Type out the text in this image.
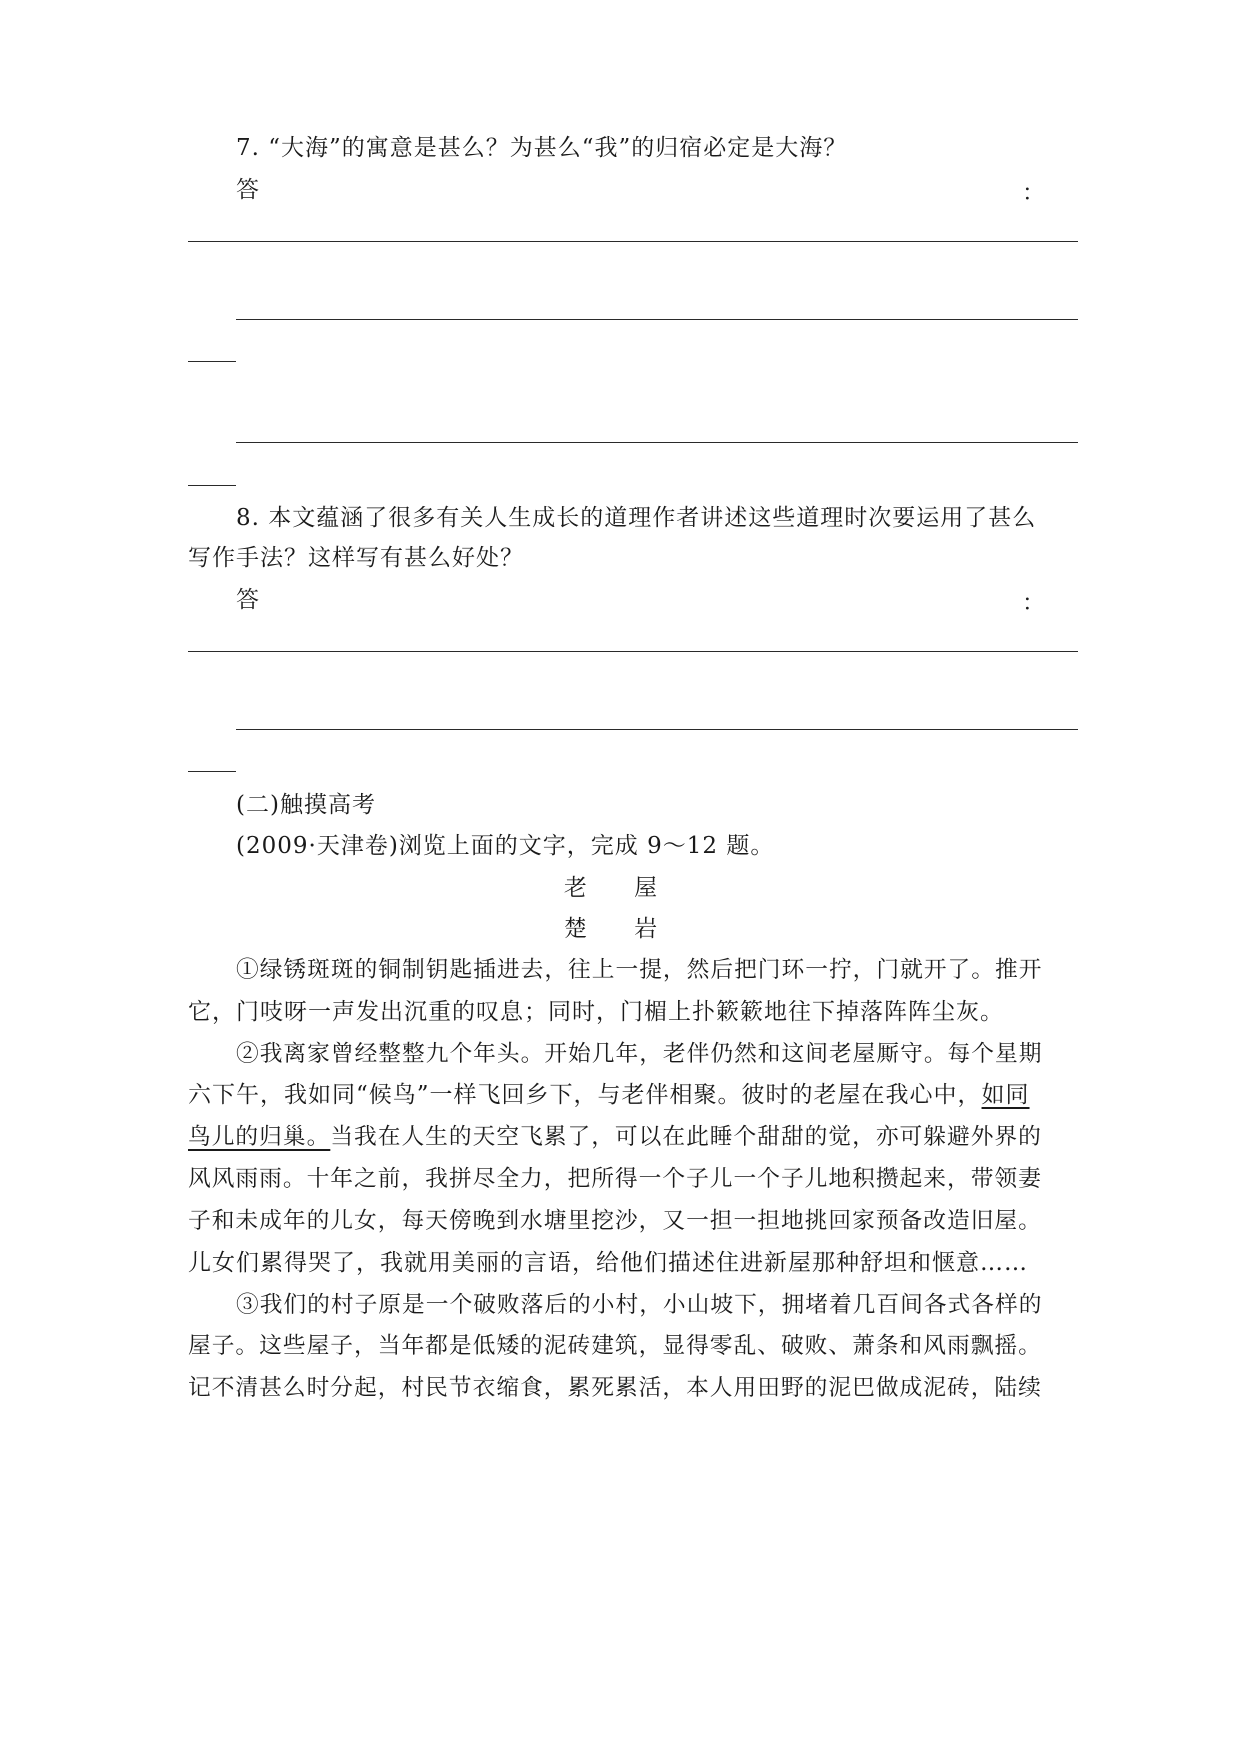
7. “大海”的寓意是甚么？为甚么“我”的归宿必定是大海？
答	：
8. 本文蕴涵了很多有关人生成长的道理作者讲述这些道理时次要运用了甚么
写作手法？这样写有甚么好处？
答	：
(二)触摸高考
(2009·天津卷)浏览上面的文字，完成 9～12 题。
老 屋
楚 岩
①绿锈斑斑的铜制钥匙插进去，往上一提，然后把门环一拧，门就开了。推开
它，门吱呀一声发出沉重的叹息；同时，门楣上扑簌簌地往下掉落阵阵尘灰。
②我离家曾经整整九个年头。开始几年，老伴仍然和这间老屋厮守。每个星期
六下午，我如同“候鸟”一样飞回乡下，与老伴相聚。彼时的老屋在我心中，如同
鸟儿的归巢。当我在人生的天空飞累了，可以在此睡个甜甜的觉，亦可躲避外界的
风风雨雨。十年之前，我拼尽全力，把所得一个子儿一个子儿地积攒起来，带领妻
子和未成年的儿女，每天傍晚到水塘里挖沙，又一担一担地挑回家预备改造旧屋。
儿女们累得哭了，我就用美丽的言语，给他们描述住进新屋那种舒坦和惬意……
③我们的村子原是一个破败落后的小村，小山坡下，拥堵着几百间各式各样的
屋子。这些屋子，当年都是低矮的泥砖建筑，显得零乱、破败、萧条和风雨飘摇。
记不清甚么时分起，村民节衣缩食，累死累活，本人用田野的泥巴做成泥砖，陆续
